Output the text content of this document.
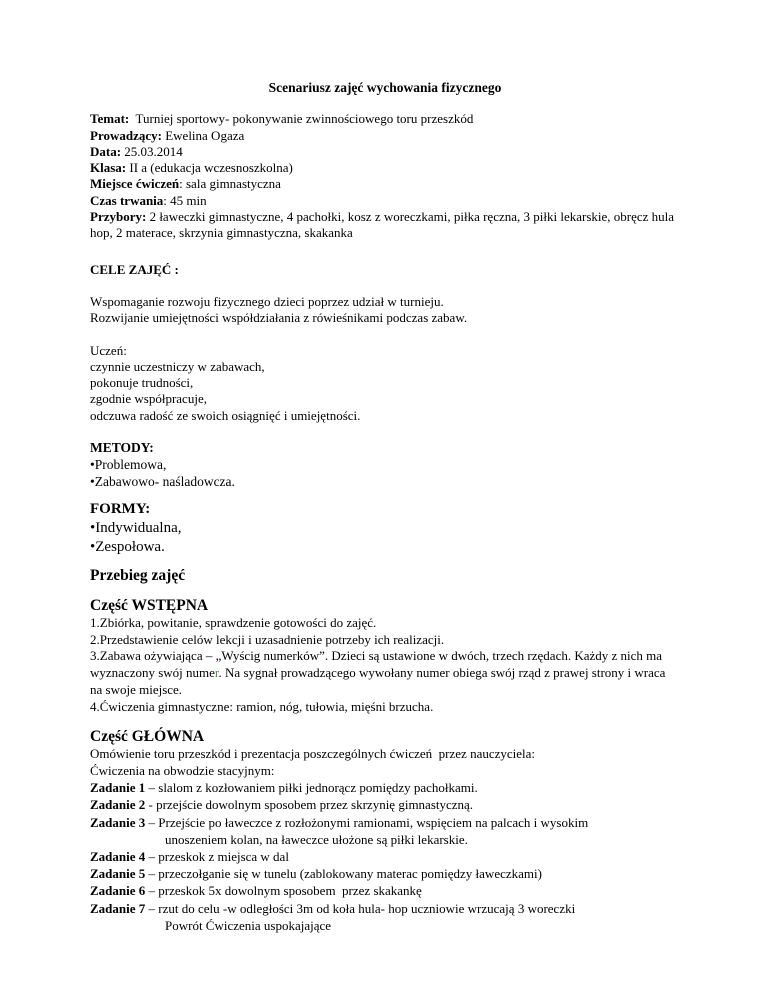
Scenariusz zajęć wychowania fizycznego

Temat:  Turniej sportowy- pokonywanie zwinnościowego toru przeszkód

Prowadzący: Ewelina Ogaza

Data: 25.03.2014

Klasa: II a (edukacja wczesnoszkolna)

Miejsce ćwiczeń: sala gimnastyczna

Czas trwania: 45 min

Przybory: 2 ławeczki gimnastyczne, 4 pachołki, kosz z woreczkami, piłka ręczna, 3 piłki lekarskie, obręcz hula hop, 2 materace, skrzynia gimnastyczna, skakanka

CELE ZAJĘĆ :

Wspomaganie rozwoju fizycznego dzieci poprzez udział w turnieju.

Rozwijanie umiejętności współdziałania z rówieśnikami podczas zabaw.

Uczeń:

czynnie uczestniczy w zabawach,

pokonuje trudności,

zgodnie współpracuje,

odczuwa radość ze swoich osiągnięć i umiejętności.

METODY:

•Problemowa,

•Zabawowo- naśladowcza.

FORMY:

•Indywidualna,

•Zespołowa.

Przebieg zajęć

Część WSTĘPNA

1.Zbiórka, powitanie, sprawdzenie gotowości do zajęć.

2.Przedstawienie celów lekcji i uzasadnienie potrzeby ich realizacji.

3.Zabawa ożywiająca – „Wyścig numerków”. Dzieci są ustawione w dwóch, trzech rzędach. Każdy z nich ma wyznaczony swój numer. Na sygnał prowadzącego wywołany numer obiega swój rząd z prawej strony i wraca na swoje miejsce.

4.Ćwiczenia gimnastyczne: ramion, nóg, tułowia, mięśni brzucha.

Część GŁÓWNA

Omówienie toru przeszkód i prezentacja poszczególnych ćwiczeń  przez nauczyciela:

Ćwiczenia na obwodzie stacyjnym:

Zadanie 1 – slalom z kozłowaniem piłki jednorącz pomiędzy pachołkami.

Zadanie 2 - przejście dowolnym sposobem przez skrzynię gimnastyczną.

Zadanie 3 – Przejście po ławeczce z rozłożonymi ramionami, wspięciem na palcach i wysokim

unoszeniem kolan, na ławeczce ułożone są piłki lekarskie.

Zadanie 4 – przeskok z miejsca w dal

Zadanie 5 – przeczołganie się w tunelu (zablokowany materac pomiędzy ławeczkami)

Zadanie 6 – przeskok 5x dowolnym sposobem  przez skakankę

Zadanie 7 – rzut do celu -w odległości 3m od koła hula- hop uczniowie wrzucają 3 woreczki

Powrót Ćwiczenia uspokajające
